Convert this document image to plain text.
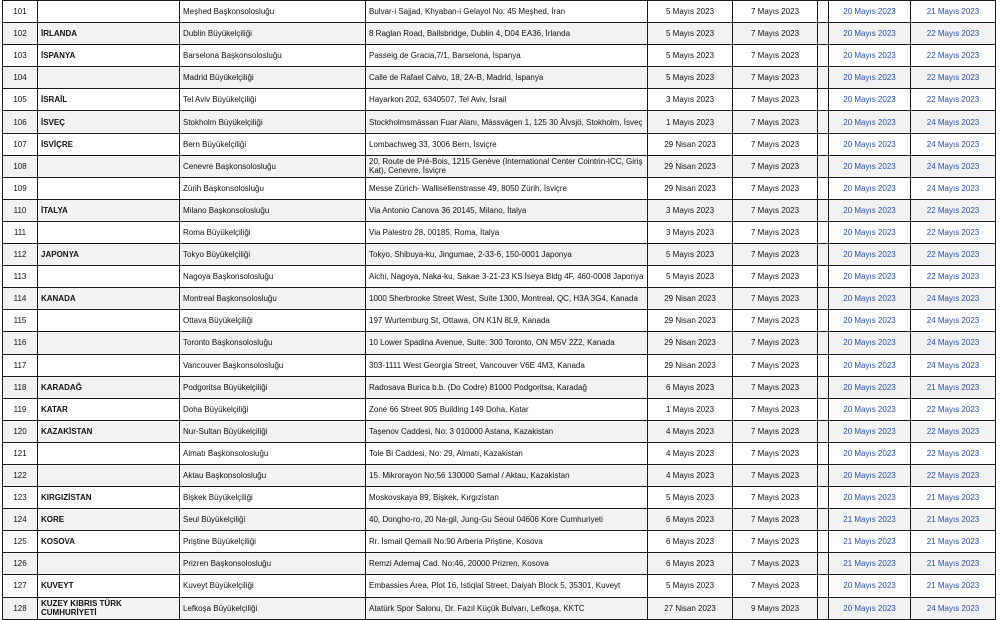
101		Meşhed Başkonsolosluğu	Bulvar-i Sajjad, Khyaban-i Gelayol No: 45 Meşhed, İran	5 Mayıs 2023	7 Mayıs 2023		20 Mayıs 2023	21 Mayıs 2023
102	İRLANDA	Dublin Büyükelçiliği	8 Raglan Road, Ballsbridge, Dublin 4, D04 EA36, İrlanda	5 Mayıs 2023	7 Mayıs 2023		20 Mayıs 2023	22 Mayıs 2023
103	İSPANYA	Barselona Başkonsolosluğu	Passeig de Gracia,7/1, Barselona, İspanya	5 Mayıs 2023	7 Mayıs 2023		20 Mayıs 2023	22 Mayıs 2023
104		Madrid Büyükelçiliği	Calle de Rafael Calvo, 18, 2A-B, Madrid, İspanya	5 Mayıs 2023	7 Mayıs 2023		20 Mayıs 2023	22 Mayıs 2023
105	İSRAİL	Tel Aviv Büyükelçiliği	Hayarkon 202, 6340507, Tel Aviv, İsrail	3 Mayıs 2023	7 Mayıs 2023		20 Mayıs 2023	22 Mayıs 2023
106	İSVEÇ	Stokholm Büyükelçiliği	Stockholmsmässan Fuar Alanı, Mässvägen 1, 125 30 Älvsjö, Stokholm, İsveç	1 Mayıs 2023	7 Mayıs 2023		20 Mayıs 2023	24 Mayıs 2023
107	İSVİÇRE	Bern Büyükelçiliği	Lombachweg 33, 3006 Bern, İsviçre	29 Nisan 2023	7 Mayıs 2023		20 Mayıs 2023	24 Mayıs 2023
108		Cenevre Başkonsolosluğu	20, Route de Pré-Bois, 1215 Genève (International Center Cointrin-ICC, Giriş Kat), Cenevre, İsviçre	29 Nisan 2023	7 Mayıs 2023		20 Mayıs 2023	24 Mayıs 2023
109		Zürih Başkonsolosluğu	Messe Zürich- Wallisellenstrasse 49, 8050 Zürih, İsviçre	29 Nisan 2023	7 Mayıs 2023		20 Mayıs 2023	24 Mayıs 2023
110	İTALYA	Milano Başkonsolosluğu	Via Antonio Canova 36 20145, Milano, İtalya	3 Mayıs 2023	7 Mayıs 2023		20 Mayıs 2023	22 Mayıs 2023
111		Roma Büyükelçiliği	Via Palestro 28, 00185, Roma, İtalya	3 Mayıs 2023	7 Mayıs 2023		20 Mayıs 2023	22 Mayıs 2023
112	JAPONYA	Tokyo Büyükelçiliği	Tokyo, Shibuya-ku, Jingumae, 2-33-6, 150-0001 Japonya	5 Mayıs 2023	7 Mayıs 2023		20 Mayıs 2023	22 Mayıs 2023
113		Nagoya Başkonsolosluğu	Aichi, Nagoya, Naka-ku, Sakae 3-21-23 KS İseya Bldg 4F, 460-0008 Japonya	5 Mayıs 2023	7 Mayıs 2023		20 Mayıs 2023	22 Mayıs 2023
114	KANADA	Montreal Başkonsolosluğu	1000 Sherbrooke Street West, Suite 1300, Montreal, QC, H3A 3G4, Kanada	29 Nisan 2023	7 Mayıs 2023		20 Mayıs 2023	24 Mayıs 2023
115		Ottava Büyükelçiliği	197 Wurtemburg St, Ottawa, ON K1N 8L9, Kanada	29 Nisan 2023	7 Mayıs 2023		20 Mayıs 2023	24 Mayıs 2023
116		Toronto Başkonsolosluğu	10 Lower Spadina Avenue, Suite: 300 Toronto, ON M5V 2Z2, Kanada	29 Nisan 2023	7 Mayıs 2023		20 Mayıs 2023	24 Mayıs 2023
117		Vancouver Başkonsolosluğu	303-1111 West Georgia Street, Vancouver V6E 4M3, Kanada	29 Nisan 2023	7 Mayıs 2023		20 Mayıs 2023	24 Mayıs 2023
118	KARADAĞ	Podgoritsa Büyükelçiliği	Radosava Burica b.b. (Do Codre) 81000 Podgoritsa, Karadağ	6 Mayıs 2023	7 Mayıs 2023		20 Mayıs 2023	21 Mayıs 2023
119	KATAR	Doha Büyükelçiliği	Zone 66 Street 905 Building 149 Doha, Katar	1 Mayıs 2023	7 Mayıs 2023		20 Mayıs 2023	22 Mayıs 2023
120	KAZAKİSTAN	Nur-Sultan Büyükelçiliği	Taşenov Caddesi, No: 3 010000 Astana, Kazakistan	4 Mayıs 2023	7 Mayıs 2023		20 Mayıs 2023	22 Mayıs 2023
121		Almatı Başkonsolosluğu	Tole Bi Caddesi, No: 29, Almatı, Kazakistan	4 Mayıs 2023	7 Mayıs 2023		20 Mayıs 2023	22 Mayıs 2023
122		Aktau Başkonsolosluğu	15. Mikrorayon No:56 130000 Samal / Aktau, Kazakistan	4 Mayıs 2023	7 Mayıs 2023		20 Mayıs 2023	22 Mayıs 2023
123	KIRGIZİSTAN	Bişkek Büyükelçiliği	Moskovskaya 89, Bişkek, Kırgızistan	5 Mayıs 2023	7 Mayıs 2023		20 Mayıs 2023	21 Mayıs 2023
124	KORE	Seul Büyükelçiliği	40, Dongho-ro, 20 Na-gil, Jung-Gu Seoul 04606 Kore Cumhuriyeti	6 Mayıs 2023	7 Mayıs 2023		21 Mayıs 2023	21 Mayıs 2023
125	KOSOVA	Priştine Büyükelçiliği	Rr. İsmail Qemaili No:90 Arberia Priştine, Kosova	6 Mayıs 2023	7 Mayıs 2023		21 Mayıs 2023	21 Mayıs 2023
126		Prizren Başkonsolosluğu	Remzi Ademaj Cad. No:46, 20000 Prizren, Kosova	6 Mayıs 2023	7 Mayıs 2023		21 Mayıs 2023	21 Mayıs 2023
127	KUVEYT	Kuveyt Büyükelçiliği	Embassies Area, Plot 16, Istiqlal Street, Daiyah Block 5, 35301, Kuveyt	5 Mayıs 2023	7 Mayıs 2023		20 Mayıs 2023	21 Mayıs 2023
128	KUZEY KIBRIS TÜRK CUMHURİYETİ	Lefkoşa Büyükelçiliği	Atatürk Spor Salonu, Dr. Fazıl Küçük Bulvarı, Lefkoşa, KKTC	27 Nisan 2023	9 Mayıs 2023		20 Mayıs 2023	24 Mayıs 2023
